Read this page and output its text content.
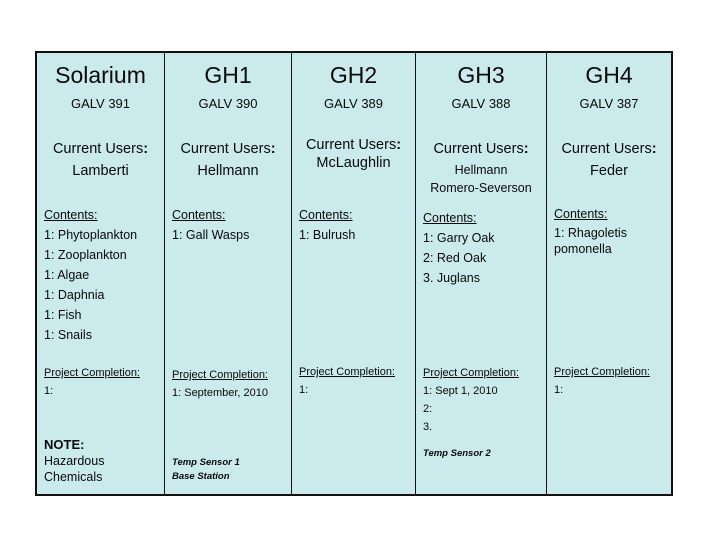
Solarium
GALV 391
Current Users:
Lamberti
Contents:
1: Phytoplankton
1: Zooplankton
1: Algae
1: Daphnia
1: Fish
1: Snails
Project Completion:
1:
NOTE:
Hazardous
Chemicals
GH1
GALV 390
Current Users:
Hellmann
Contents:
1: Gall Wasps
Project Completion:
1: September, 2010
Temp Sensor 1
Base Station
GH2
GALV 389
Current Users:
McLaughlin
Contents:
1: Bulrush
Project Completion:
1:
GH3
GALV 388
Current Users:
Hellmann
Romero-Severson
Contents:
1: Garry Oak
2: Red Oak
3. Juglans
Project Completion:
1: Sept 1, 2010
2:
3.
Temp Sensor 2
GH4
GALV 387
Current Users:
Feder
Contents:
1: Rhagoletis
pomonella
Project Completion:
1:
